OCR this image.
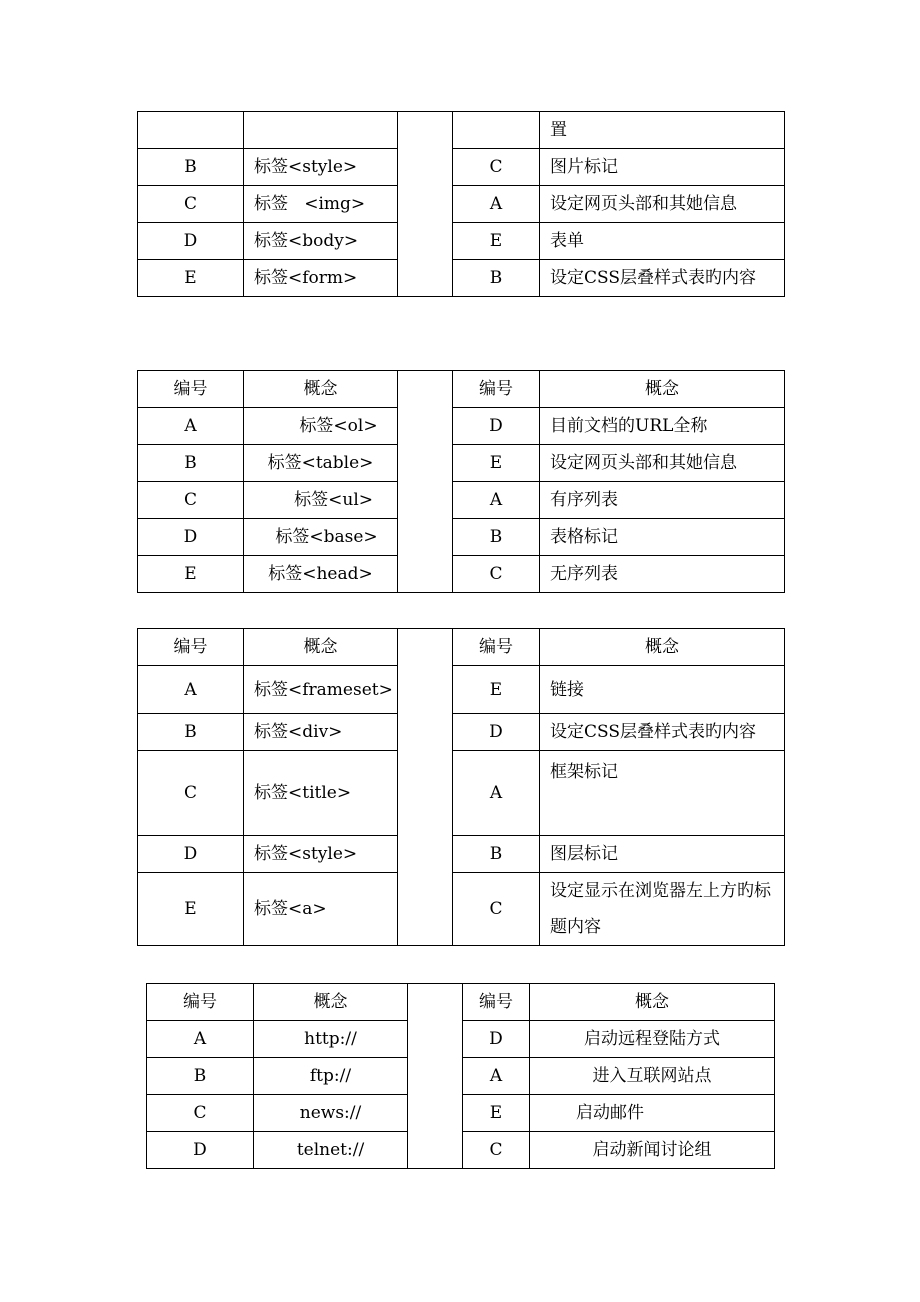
				置
B	标签<style>		C	图片标记
C	标签   <img>		A	设定网页头部和其她信息
D	标签<body>		E	表单
E	标签<form>		B	设定CSS层叠样式表旳内容
编号	概念		编号	概念
A	标签<ol>		D	目前文档的URL全称
B	标签<table>		E	设定网页头部和其她信息
C	标签<ul>		A	有序列表
D	标签<base>		B	表格标记
E	标签<head>		C	无序列表
编号	概念		编号	概念
A	标签<frameset>		E	链接
B	标签<div>		D	设定CSS层叠样式表旳内容
C	标签<title>		A	框架标记
D	标签<style>		B	图层标记
E	标签<a>		C	设定显示在浏览器左上方旳标题内容
编号	概念		编号	概念
A	http://		D	启动远程登陆方式
B	ftp://		A	进入互联网站点
C	news://		E	启动邮件
D	telnet://		C	启动新闻讨论组
